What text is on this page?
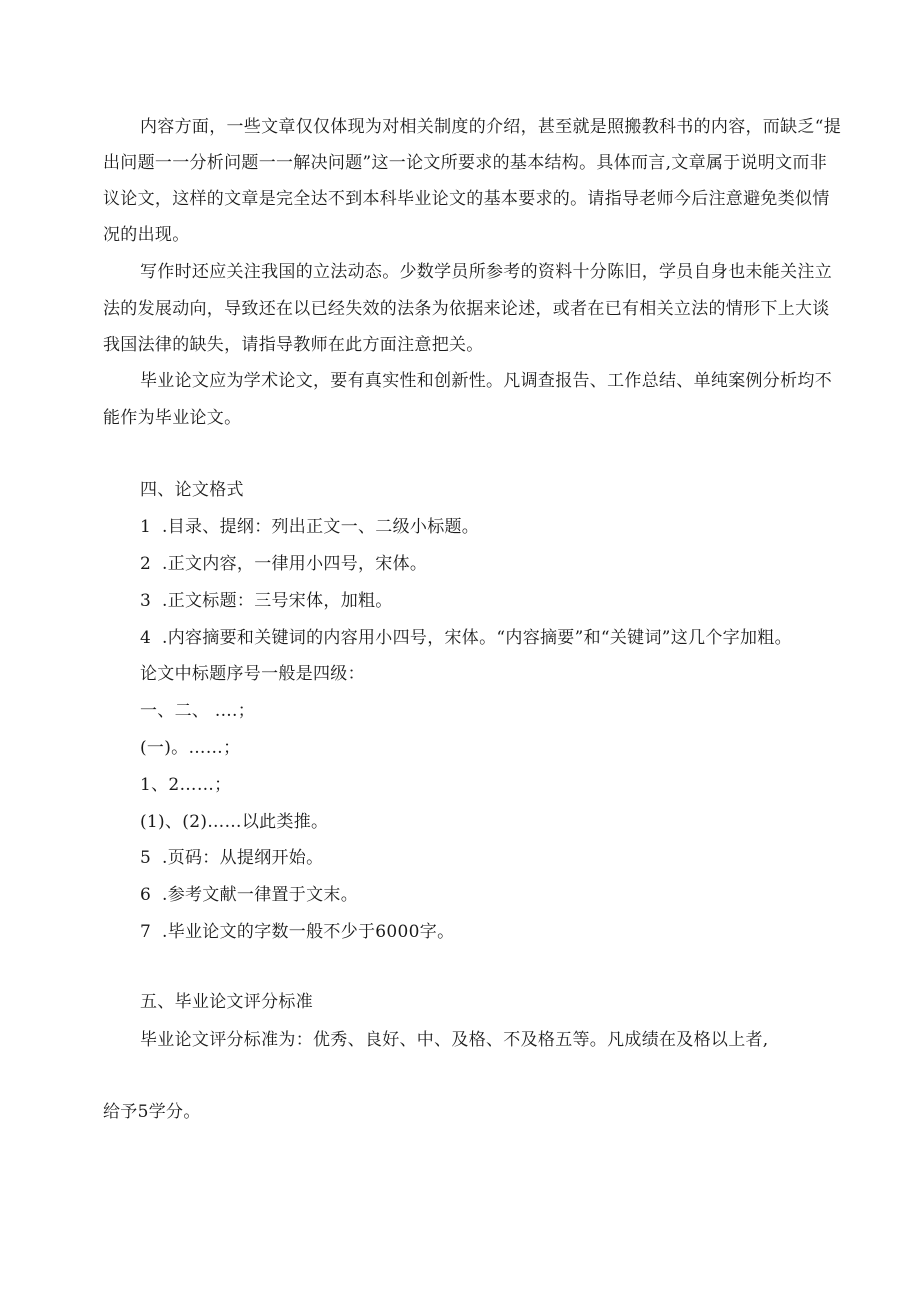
内容方面，一些文章仅仅体现为对相关制度的介绍，甚至就是照搬教科书的内容，而缺乏“提
出问题一一分析问题一一解决问题”这一论文所要求的基本结构。具体而言,文章属于说明文而非
议论文，这样的文章是完全达不到本科毕业论文的基本要求的。请指导老师今后注意避免类似情
况的出现。
写作时还应关注我国的立法动态。少数学员所参考的资料十分陈旧，学员自身也未能关注立
法的发展动向，导致还在以已经失效的法条为依据来论述，或者在已有相关立法的情形下上大谈
我国法律的缺失，请指导教师在此方面注意把关。
毕业论文应为学术论文，要有真实性和创新性。凡调查报告、工作总结、单纯案例分析均不
能作为毕业论文。
四、论文格式
1 .目录、提纲：列出正文一、二级小标题。
2 .正文内容，一律用小四号，宋体。
3 .正文标题：三号宋体，加粗。
4 .内容摘要和关键词的内容用小四号，宋体。“内容摘要”和“关键词”这几个字加粗。
论文中标题序号一般是四级：
一、二、 ....；
(一)。……；
1、2……；
(1)、(2)……以此类推。
5 .页码：从提纲开始。
6 .参考文献一律置于文末。
7 .毕业论文的字数一般不少于6000字。
五、毕业论文评分标准
毕业论文评分标准为：优秀、良好、中、及格、不及格五等。凡成绩在及格以上者,
给予5学分。
